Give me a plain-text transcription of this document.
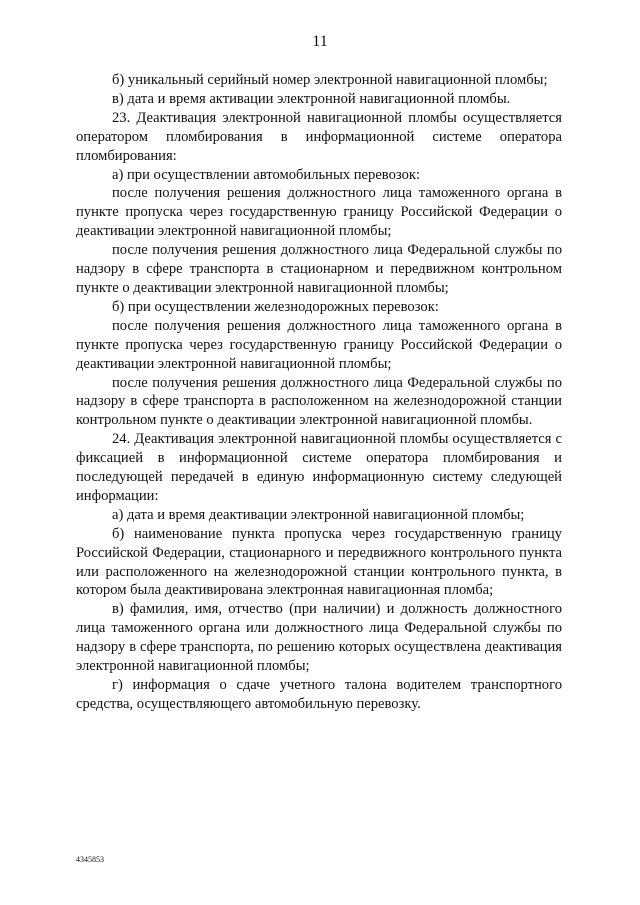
11

б) уникальный серийный номер электронной навигационной пломбы;

в) дата и время активации электронной навигационной пломбы.

23. Деактивация электронной навигационной пломбы осуществляется оператором пломбирования в информационной системе оператора пломбирования:

а) при осуществлении автомобильных перевозок:

после получения решения должностного лица таможенного органа в пункте пропуска через государственную границу Российской Федерации о деактивации электронной навигационной пломбы;

после получения решения должностного лица Федеральной службы по надзору в сфере транспорта в стационарном и передвижном контрольном пункте о деактивации электронной навигационной пломбы;

б) при осуществлении железнодорожных перевозок:

после получения решения должностного лица таможенного органа в пункте пропуска через государственную границу Российской Федерации о деактивации электронной навигационной пломбы;

после получения решения должностного лица Федеральной службы по надзору в сфере транспорта в расположенном на железнодорожной станции контрольном пункте о деактивации электронной навигационной пломбы.

24. Деактивация электронной навигационной пломбы осуществляется с фиксацией в информационной системе оператора пломбирования и последующей передачей в единую информационную систему следующей информации:

а) дата и время деактивации электронной навигационной пломбы;

б) наименование пункта пропуска через государственную границу Российской Федерации, стационарного и передвижного контрольного пункта или расположенного на железнодорожной станции контрольного пункта, в котором была деактивирована электронная навигационная пломба;

в) фамилия, имя, отчество (при наличии) и должность должностного лица таможенного органа или должностного лица Федеральной службы по надзору в сфере транспорта, по решению которых осуществлена деактивация электронной навигационной пломбы;

г) информация о сдаче учетного талона водителем транспортного средства, осуществляющего автомобильную перевозку.

4345853
